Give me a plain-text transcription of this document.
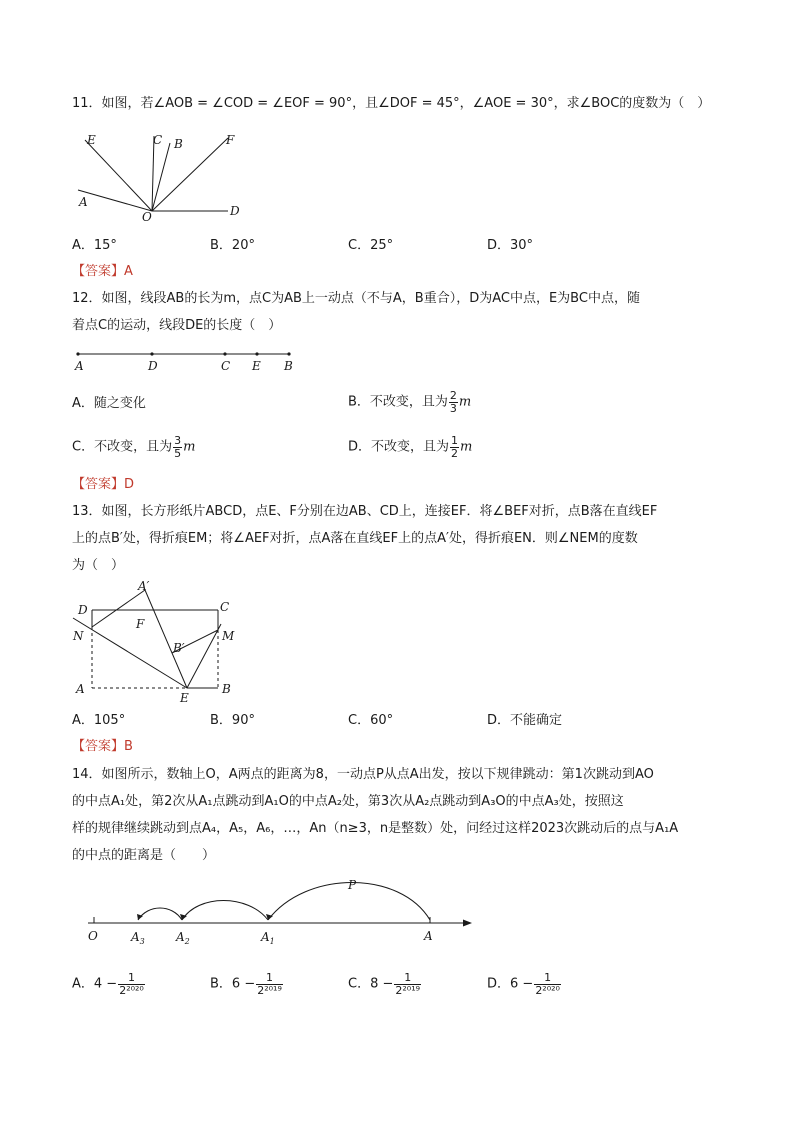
11．如图，若∠AOB = ∠COD = ∠EOF = 90°，且∠DOF = 45°，∠AOE = 30°，求∠BOC的度数为（　）
E	C B	F
A
O	D
A．15°	B．20°	C．25°	D．30°
【答案】A
12．如图，线段AB的长为m，点C为AB上一动点（不与A，B重合），D为AC中点，E为BC中点，随
着点C的运动，线段DE的长度（　）
A	D	C E B
A．随之变化	B．不改变，且为 $\frac{2}{3}$ m
C．不改变，且为 $\frac{3}{5}$ m	D．不改变，且为 $\frac{1}{2}$ m
【答案】D
13．如图，长方形纸片ABCD，点E、F分别在边AB、CD上，连接EF．将∠BEF对折，点B落在直线EF
上的点B′处，得折痕EM；将∠AEF对折，点A落在直线EF上的点A′处，得折痕EN．则∠NEM的度数
为（　）
A′
D	C
F
N	M
B′
A
E
B
A．105°	B．90°	C．60°	D．不能确定
【答案】B
14．如图所示，数轴上O，A两点的距离为8，一动点P从点A出发，按以下规律跳动：第1次跳动到AO
的中点A₁处，第2次从A₁点跳动到A₁O的中点A₂处，第3次从A₂点跳动到A₃O的中点A₃处，按照这
样的规律继续跳动到点A₄，A₅，A₆，…，An（n≥3，n是整数）处，问经过这样2023次跳动后的点与A₁A
的中点的距离是（　　）
P
O	$A_3$	$A_2$	$A_1$	A
A．$4 - \frac{1}{\text{2²⁰²⁰}}$	B．$6 - \frac{1}{\text{2²⁰¹⁹}}$	C．$8 - \frac{1}{\text{2²⁰¹⁹}}$	D．$6 - \frac{1}{\text{2²⁰²⁰}}$
